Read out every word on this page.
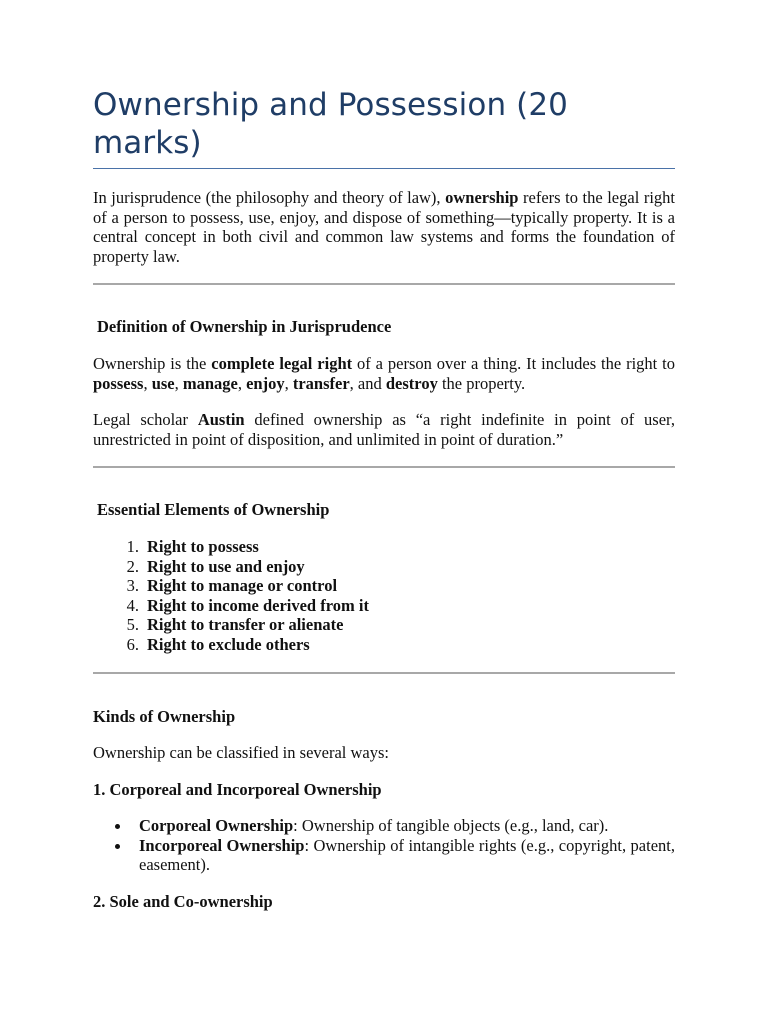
Ownership and Possession (20 marks)

In jurisprudence (the philosophy and theory of law), ownership refers to the legal right of a person to possess, use, enjoy, and dispose of something—typically property. It is a central concept in both civil and common law systems and forms the foundation of property law.

Definition of Ownership in Jurisprudence

Ownership is the complete legal right of a person over a thing. It includes the right to possess, use, manage, enjoy, transfer, and destroy the property.

Legal scholar Austin defined ownership as “a right indefinite in point of user, unrestricted in point of disposition, and unlimited in point of duration.”

Essential Elements of Ownership

1. Right to possess
2. Right to use and enjoy
3. Right to manage or control
4. Right to income derived from it
5. Right to transfer or alienate
6. Right to exclude others

Kinds of Ownership

Ownership can be classified in several ways:

1. Corporeal and Incorporeal Ownership

Corporeal Ownership: Ownership of tangible objects (e.g., land, car).
Incorporeal Ownership: Ownership of intangible rights (e.g., copyright, patent, easement).

2. Sole and Co-ownership
